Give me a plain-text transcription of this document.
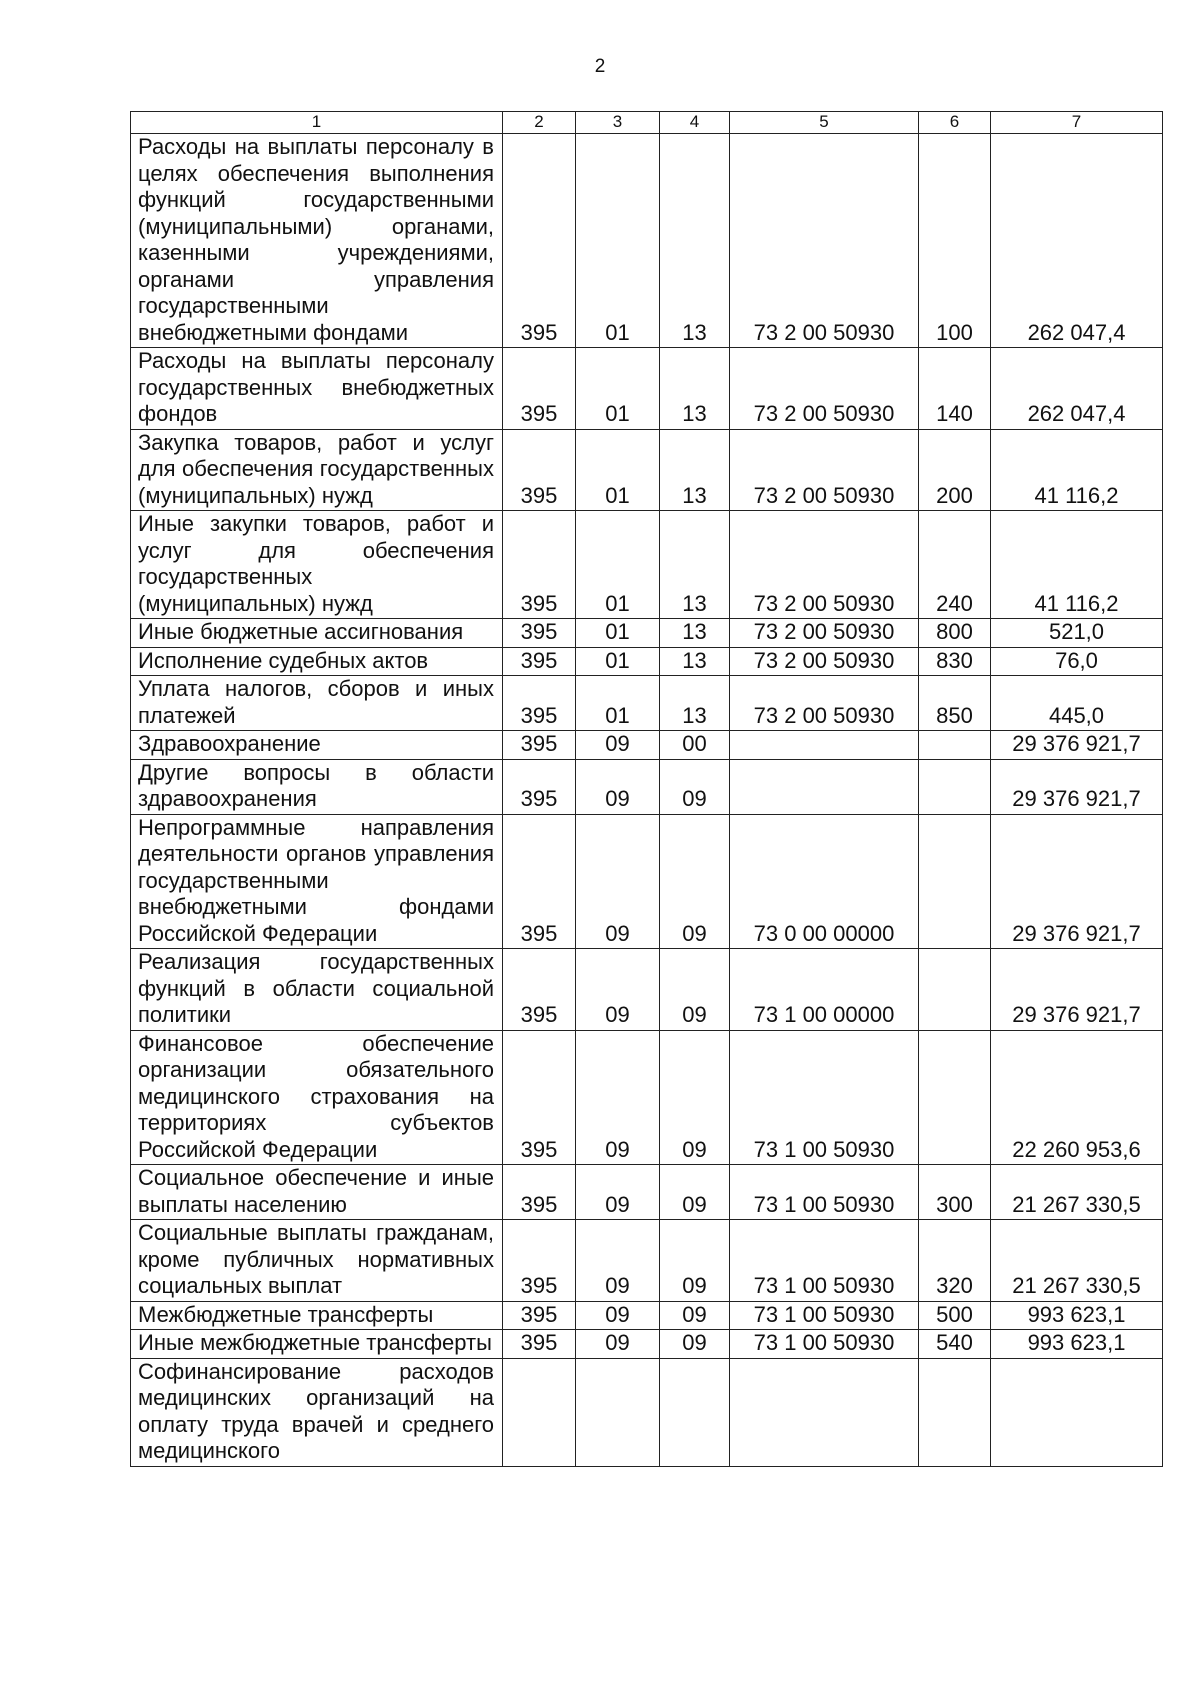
2
1	2	3	4	5	6	7
Расходы на выплаты персоналу в целях обеспечения выполнения функций государственными (муниципальными) органами, казенными учреждениями, органами управления государственными внебюджетными фондами	395	01	13	73 2 00 50930	100	262 047,4
Расходы на выплаты персоналу государственных внебюджетных фондов	395	01	13	73 2 00 50930	140	262 047,4
Закупка товаров, работ и услуг для обеспечения государственных (муниципальных) нужд	395	01	13	73 2 00 50930	200	41 116,2
Иные закупки товаров, работ и услуг для обеспечения государственных (муниципальных) нужд	395	01	13	73 2 00 50930	240	41 116,2
Иные бюджетные ассигнования	395	01	13	73 2 00 50930	800	521,0
Исполнение судебных актов	395	01	13	73 2 00 50930	830	76,0
Уплата налогов, сборов и иных платежей	395	01	13	73 2 00 50930	850	445,0
Здравоохранение	395	09	00			29 376 921,7
Другие вопросы в области здравоохранения	395	09	09			29 376 921,7
Непрограммные направления деятельности органов управления государственными внебюджетными фондами Российской Федерации	395	09	09	73 0 00 00000		29 376 921,7
Реализация государственных функций в области социальной политики	395	09	09	73 1 00 00000		29 376 921,7
Финансовое обеспечение организации обязательного медицинского страхования на территориях субъектов Российской Федерации	395	09	09	73 1 00 50930		22 260 953,6
Социальное обеспечение и иные выплаты населению	395	09	09	73 1 00 50930	300	21 267 330,5
Социальные выплаты гражданам, кроме публичных нормативных социальных выплат	395	09	09	73 1 00 50930	320	21 267 330,5
Межбюджетные трансферты	395	09	09	73 1 00 50930	500	993 623,1
Иные межбюджетные трансферты	395	09	09	73 1 00 50930	540	993 623,1
Софинансирование расходов медицинских организаций на оплату труда врачей и среднего медицинского						
